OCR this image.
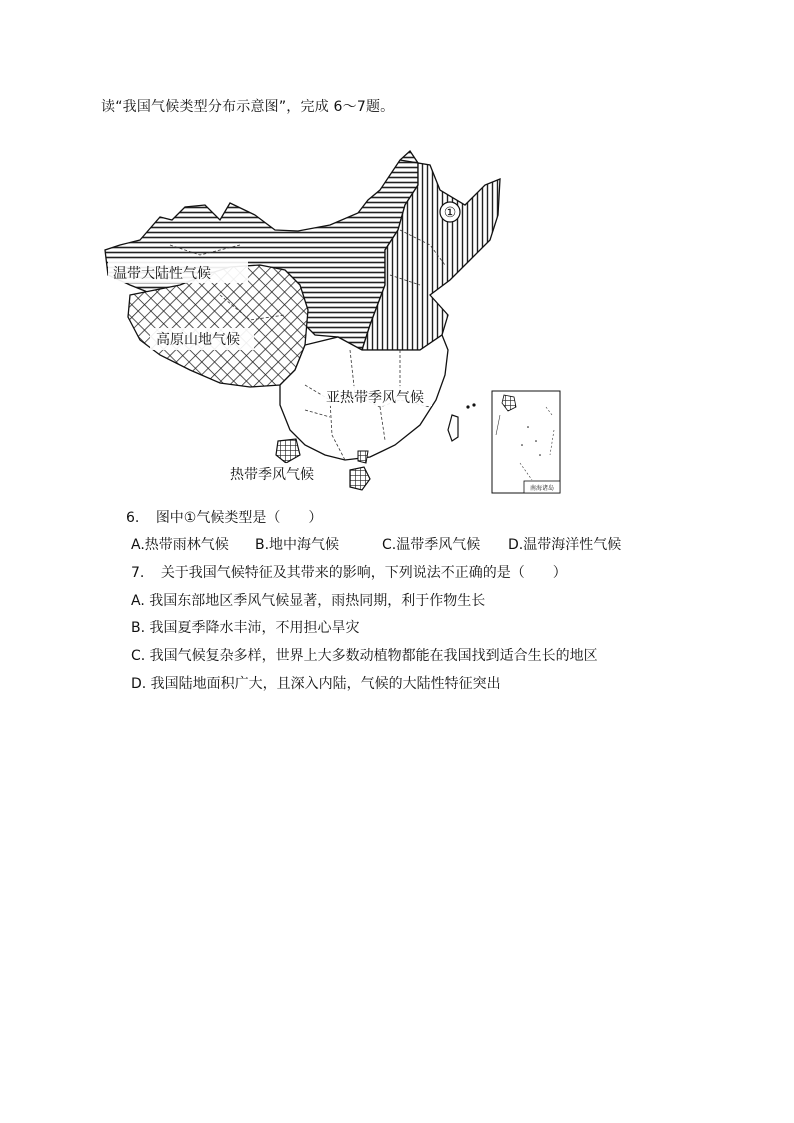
读“我国气候类型分布示意图”，完成 6～7题。
①
温带大陆性气候
高原山地气候
亚热带季风气候
热带季风气候
南海诸岛
6. 图中①气候类型是（　　）
A.热带雨林气候 B.地中海气候	C.温带季风气候 D.温带海洋性气候
7. 关于我国气候特征及其带来的影响，下列说法不正确的是（　　）
A. 我国东部地区季风气候显著，雨热同期，利于作物生长
B. 我国夏季降水丰沛，不用担心旱灾
C. 我国气候复杂多样，世界上大多数动植物都能在我国找到适合生长的地区
D. 我国陆地面积广大，且深入内陆，气候的大陆性特征突出
